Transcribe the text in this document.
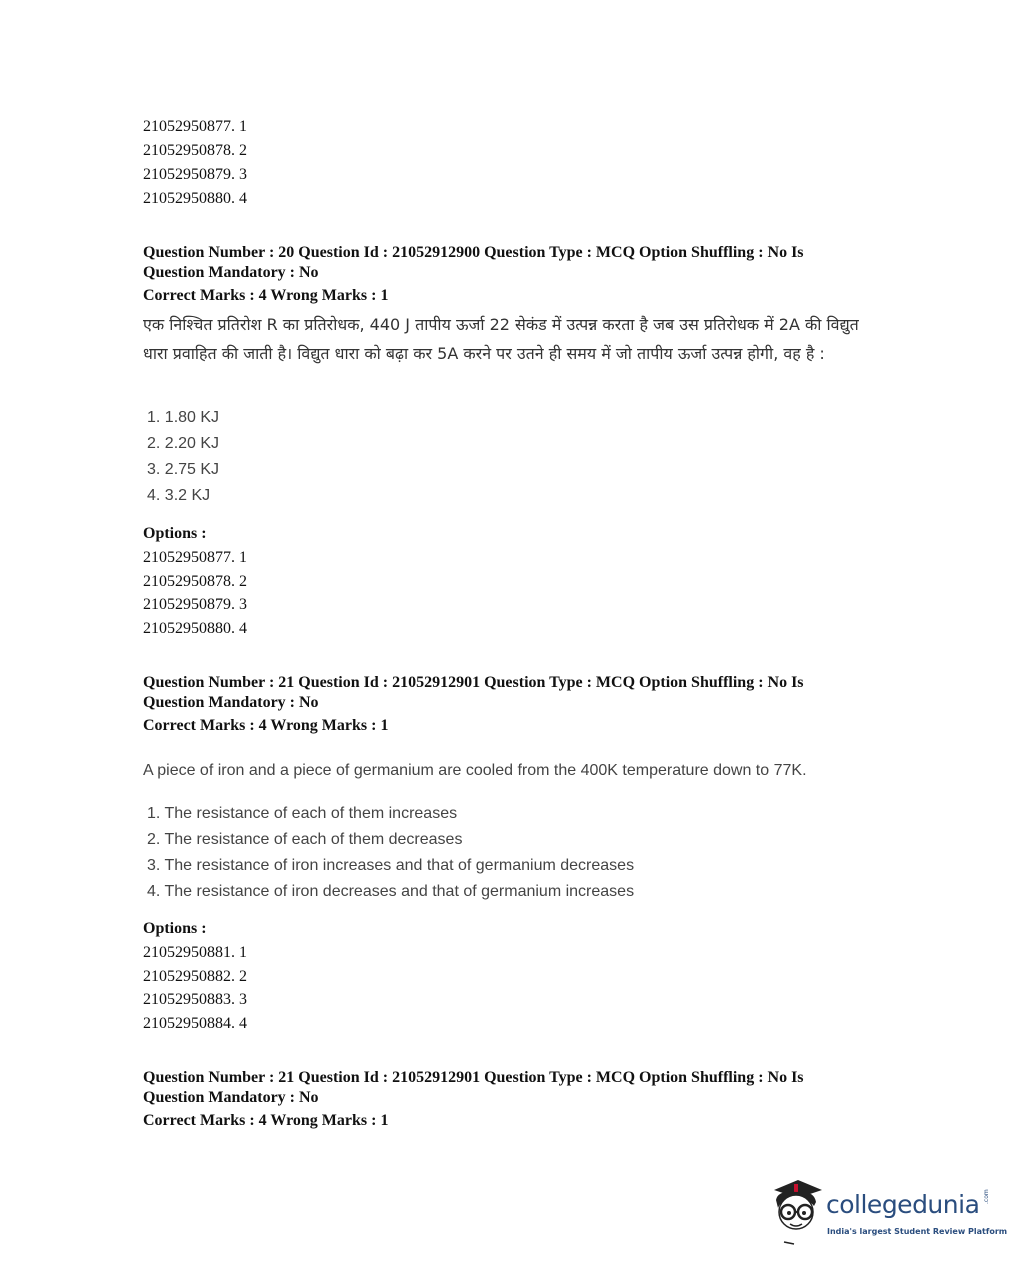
21052950877. 1
21052950878. 2
21052950879. 3
21052950880. 4
Question Number : 20 Question Id : 21052912900 Question Type : MCQ Option Shuffling : No Is
Question Mandatory : No
Correct Marks : 4 Wrong Marks : 1
एक निश्चित प्रतिरोश R का प्रतिरोधक, 440 J तापीय ऊर्जा 22 सेकंड में उत्पन्न करता है जब उस प्रतिरोधक में 2A की विद्युत धारा प्रवाहित की जाती है। विद्युत धारा को बढ़ा कर 5A करने पर उतने ही समय में जो तापीय ऊर्जा उत्पन्न होगी, वह है :
1. 1.80 KJ
2. 2.20 KJ
3. 2.75 KJ
4. 3.2 KJ
Options :
21052950877. 1
21052950878. 2
21052950879. 3
21052950880. 4
Question Number : 21 Question Id : 21052912901 Question Type : MCQ Option Shuffling : No Is
Question Mandatory : No
Correct Marks : 4 Wrong Marks : 1
A piece of iron and a piece of germanium are cooled from the 400K temperature down to 77K.
1. The resistance of each of them increases
2. The resistance of each of them decreases
3. The resistance of iron increases and that of germanium decreases
4. The resistance of iron decreases and that of germanium increases
Options :
21052950881. 1
21052950882. 2
21052950883. 3
21052950884. 4
Question Number : 21 Question Id : 21052912901 Question Type : MCQ Option Shuffling : No Is
Question Mandatory : No
Correct Marks : 4 Wrong Marks : 1
collegedunia .com
India's largest Student Review Platform
